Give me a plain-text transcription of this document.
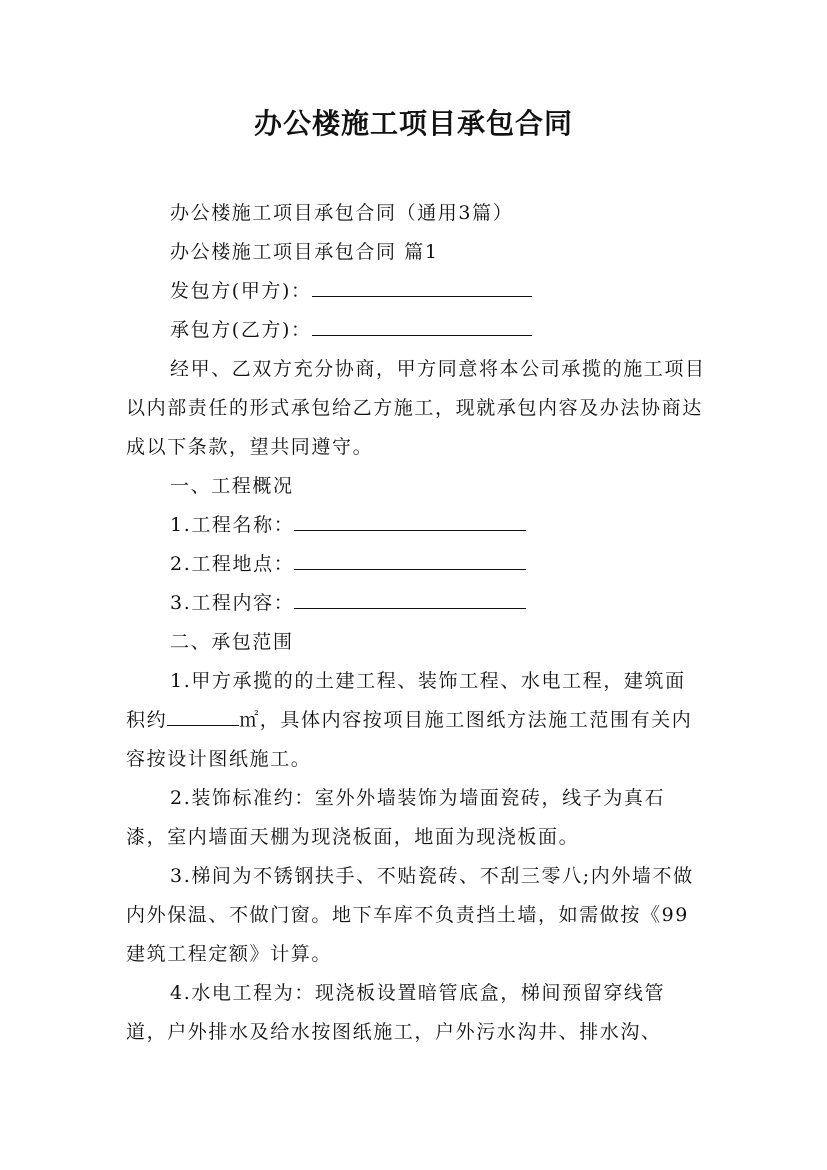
办公楼施工项目承包合同

办公楼施工项目承包合同（通用3篇）

办公楼施工项目承包合同 篇1

发包方(甲方)：

承包方(乙方)：

经甲、乙双方充分协商，甲方同意将本公司承揽的施工项目以内部责任的形式承包给乙方施工，现就承包内容及办法协商达成以下条款，望共同遵守。

一、工程概况

1.工程名称：

2.工程地点：

3.工程内容：

二、承包范围

1.甲方承揽的的土建工程、装饰工程、水电工程，建筑面积约	㎡，具体内容按项目施工图纸方法施工范围有关内容按设计图纸施工。

2.装饰标准约：室外外墙装饰为墙面瓷砖，线子为真石漆，室内墙面天棚为现浇板面，地面为现浇板面。

3.梯间为不锈钢扶手、不贴瓷砖、不刮三零八;内外墙不做内外保温、不做门窗。地下车库不负责挡土墙，如需做按《99建筑工程定额》计算。

4.水电工程为：现浇板设置暗管底盒，梯间预留穿线管道，户外排水及给水按图纸施工，户外污水沟井、排水沟、
